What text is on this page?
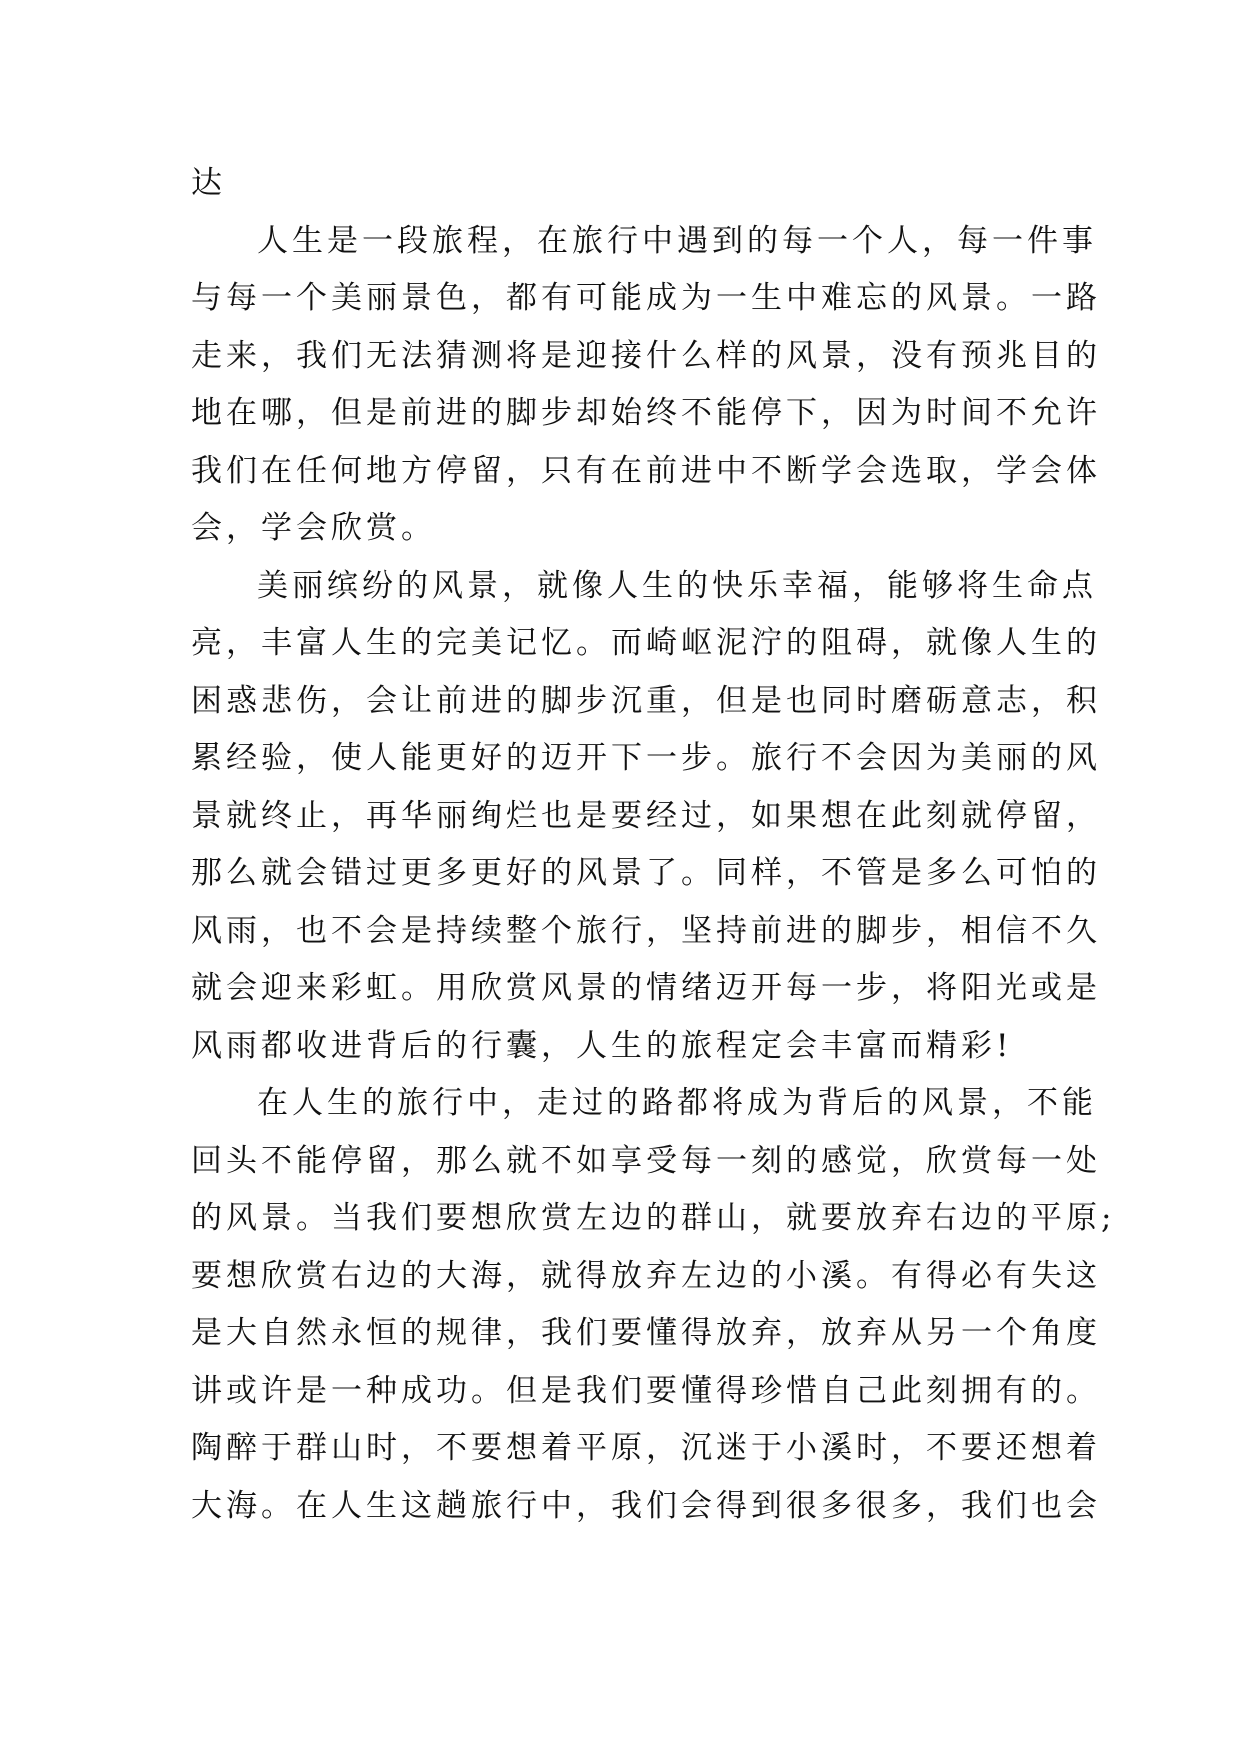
达
人生是一段旅程，在旅行中遇到的每一个人，每一件事
与每一个美丽景色，都有可能成为一生中难忘的风景。一路
走来，我们无法猜测将是迎接什么样的风景，没有预兆目的
地在哪，但是前进的脚步却始终不能停下，因为时间不允许
我们在任何地方停留，只有在前进中不断学会选取，学会体
会，学会欣赏。
美丽缤纷的风景，就像人生的快乐幸福，能够将生命点
亮，丰富人生的完美记忆。而崎岖泥泞的阻碍，就像人生的
困惑悲伤，会让前进的脚步沉重，但是也同时磨砺意志，积
累经验，使人能更好的迈开下一步。旅行不会因为美丽的风
景就终止，再华丽绚烂也是要经过，如果想在此刻就停留，
那么就会错过更多更好的风景了。同样，不管是多么可怕的
风雨，也不会是持续整个旅行，坚持前进的脚步，相信不久
就会迎来彩虹。用欣赏风景的情绪迈开每一步，将阳光或是
风雨都收进背后的行囊，人生的旅程定会丰富而精彩!
在人生的旅行中，走过的路都将成为背后的风景，不能
回头不能停留，那么就不如享受每一刻的感觉，欣赏每一处
的风景。当我们要想欣赏左边的群山，就要放弃右边的平原;
要想欣赏右边的大海，就得放弃左边的小溪。有得必有失这
是大自然永恒的规律，我们要懂得放弃，放弃从另一个角度
讲或许是一种成功。但是我们要懂得珍惜自己此刻拥有的。
陶醉于群山时，不要想着平原，沉迷于小溪时，不要还想着
大海。在人生这趟旅行中，我们会得到很多很多，我们也会
